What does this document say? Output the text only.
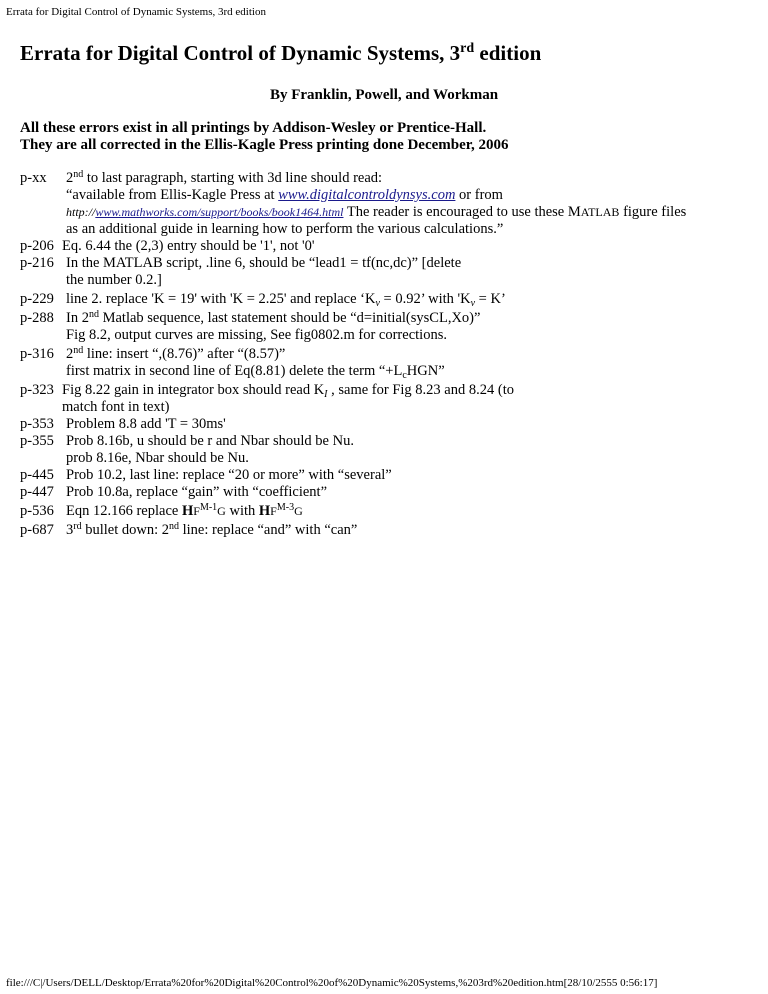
Errata for Digital Control of Dynamic Systems, 3rd edition
Errata for Digital Control of Dynamic Systems, 3rd edition
By Franklin, Powell, and Workman
All these errors exist in all printings by Addison-Wesley or Prentice-Hall.
They are all corrected in the Ellis-Kagle Press printing done December, 2006
p-xx 2nd to last paragraph, starting with 3d line should read:
“available from Ellis-Kagle Press at www.digitalcontroldynsys.com or from
http://www.mathworks.com/support/books/book1464.html The reader is encouraged to use these MATLAB figure files
as an additional guide in learning how to perform the various calculations.”
p-206 Eq. 6.44 the (2,3) entry should be '1', not '0'
p-216 In the MATLAB script, .line 6, should be “lead1 = tf(nc,dc)” [delete
the number 0.2.]
p-229 line 2. replace 'K = 19' with 'K = 2.25' and replace ‘$K_v = 0.92$’ with '$K_v = K$’
p-288 In 2nd Matlab sequence, last statement should be “d=initial(sysCL,Xo)”
Fig 8.2, output curves are missing, See fig0802.m for corrections.
p-316 2nd line: insert “,(8.76)” after “(8.57)”
first matrix in second line of Eq(8.81) delete the term “$+L_cHGN$”
p-323 Fig 8.22 gain in integrator box should read $K_I$ , same for Fig 8.23 and 8.24 (to
match font in text)
p-353 Problem 8.8 add 'T = 30ms'
p-355 Prob 8.16b, u should be r and Nbar should be Nu.
prob 8.16e, Nbar should be Nu.
p-445 Prob 10.2, last line: replace “20 or more” with “several”
p-447 Prob 10.8a, replace “gain” with “coefficient”
p-536 Eqn 12.166 replace $HF^{M-1}G$ with $HF^{M-3}G$
p-687 3rd bullet down: 2nd line: replace “and” with “can”
file:///C|/Users/DELL/Desktop/Errata%20for%20Digital%20Control%20of%20Dynamic%20Systems,%203rd%20edition.htm[28/10/2555 0:56:17]
